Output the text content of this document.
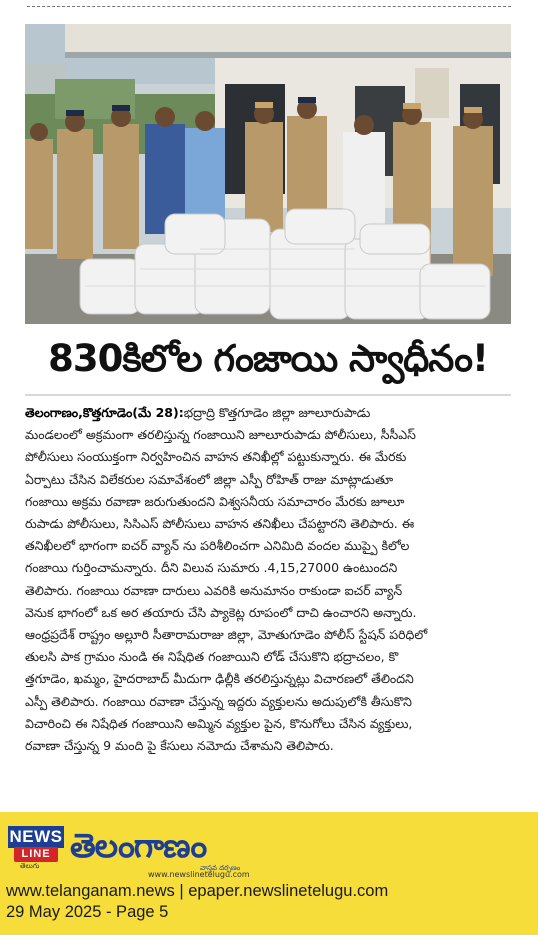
830కిలోల గంజాయి స్వాధీనం!
తెలంగాణం,కొత్తగూడెం(మే 28):భద్రాద్రి కొత్తగూడెం జిల్లా జూలూరుపాడు
మండలంలో అక్రమంగా తరలిస్తున్న గంజాయిని జూలూరుపాడు పోలీసులు, సీసీఎస్
పోలీసులు సంయుక్తంగా నిర్వహించిన వాహన తనిఖీల్లో పట్టుకున్నారు. ఈ మేరకు
ఏర్పాటు చేసిన విలేకరుల సమావేశంలో జిల్లా ఎస్పీ రోహిత్ రాజు మాట్లాడుతూ
గంజాయి అక్రమ రవాణా జరుగుతుందని విశ్వసనీయ సమాచారం మేరకు జూలూ
రుపాడు పోలీసులు, సిసిఎస్ పోలీసులు వాహన తనిఖీలు చేపట్టారని తెలిపారు. ఈ
తనిఖీలలో భాగంగా ఐచర్ వ్యాన్ ను పరిశీలించగా ఎనిమిది వందల ముప్పై కిలోల
గంజాయి గుర్తించామన్నారు. దీని విలువ సుమారు .4,15,27000 ఉంటుందని
తెలిపారు. గంజాయి రవాణా దారులు ఎవరికి అనుమానం రాకుండా ఐచర్ వ్యాన్
వెనుక భాగంలో ఒక అర తయారు చేసి ప్యాకెట్ల రూపంలో దాచి ఉంచారని అన్నారు.
ఆంధ్రప్రదేశ్ రాష్ట్రం అల్లూరి సీతారామరాజు జిల్లా, మోతుగూడెం పోలీస్ స్టేషన్ పరిధిలో
తులసి పాక గ్రామం నుండి ఈ నిషేధిత గంజాయిని లోడ్ చేసుకొని భద్రాచలం, కొ
త్తగూడెం, ఖమ్మం, హైదరాబాద్ మీదుగా ఢిల్లీకి తరలిస్తున్నట్లు విచారణలో తేలిందని
ఎస్పీ తెలిపారు. గంజాయి రవాణా చేస్తున్న ఇద్దరు వ్యక్తులను అదుపులోకి తీసుకొని
విచారించి ఈ నిషేధిత గంజాయిని అమ్మిన వ్యక్తుల పైన, కొనుగోలు చేసిన వ్యక్తులు,
రవాణా చేస్తున్న 9 మంది పై కేసులు నమోదు చేశామని తెలిపారు.
NEWS
LINE
తెలుగు
తెలంగాణం
వాస్తవ దర్పణం
www.newslinetelugu.com
www.telanganam.news | epaper.newslinetelugu.com
29 May 2025 - Page 5
